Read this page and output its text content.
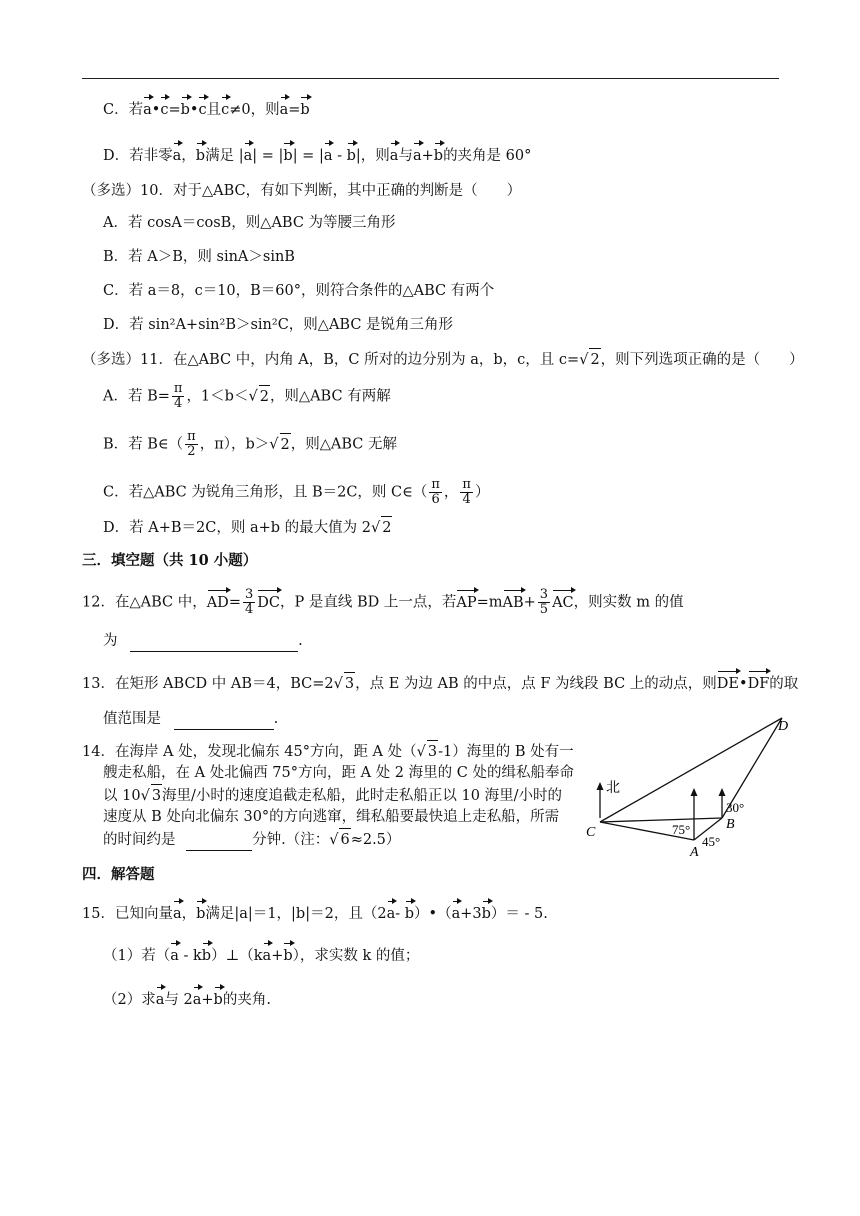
C．若a•c=b•c且c≠0，则a=b
D．若非零a，b满足 |a| = |b| = |a - b|，则a与a+b的夹角是 60°
（多选）10．对于△ABC，有如下判断，其中正确的判断是（　　）
A．若 cosA＝cosB，则△ABC 为等腰三角形
B．若 A＞B，则 sinA＞sinB
C．若 a＝8，c＝10，B＝60°，则符合条件的△ABC 有两个
D．若 sin²A+sin²B＞sin²C，则△ABC 是锐角三角形
（多选）11．在△ABC 中，内角 A，B，C 所对的边分别为 a，b，c，且 c=√ 2，则下列选项正确的是（　　）
A．若 $B= \frac{\pi}{4}$ ，1＜b＜√ 2，则△ABC 有两解
B．若 B∈（ $\frac{\pi}{2}$ ，π），b＞√ 2，则△ABC 无解
C．若△ABC 为锐角三角形，且 B＝2C，则 C∈（ $\frac{\pi}{6}$ ， $\frac{\pi}{4}$ ）
D．若 A+B＝2C，则 a+b 的最大值为 2√ 2
三．填空题（共 10 小题）
12．在△ABC 中，$AD= \frac{3}{4}$ DC，P 是直线 BD 上一点，若$AP=mAB+ \frac{3}{5}$ AC，则实数 m 的值
为	.
13．在矩形 ABCD 中 AB＝4，BC=2√ 3，点 E 为边 AB 的中点，点 F 为线段 BC 上的动点，则DE•DF的取
值范围是	.
14．在海岸 A 处，发现北偏东 45°方向，距 A 处（√ 3-1）海里的 B 处有一
艘走私船，在 A 处北偏西 75°方向，距 A 处 2 海里的 C 处的缉私船奉命
以 10√ 3海里/小时的速度追截走私船，此时走私船正以 10 海里/小时的
速度从 B 处向北偏东 30°的方向逃窜，缉私船要最快追上走私船，所需
的时间约是	分钟.（注：√ 6≈2.5）
D
北
C
B
A
30°
75°
45°
四．解答题
15．已知向量a，b满足|a|＝1，|b|＝2，且（2a- b）•（a+3b）＝ - 5.
（1）若（a - kb）⊥（ka+b），求实数 k 的值；
（2）求a与 2a+b的夹角.
